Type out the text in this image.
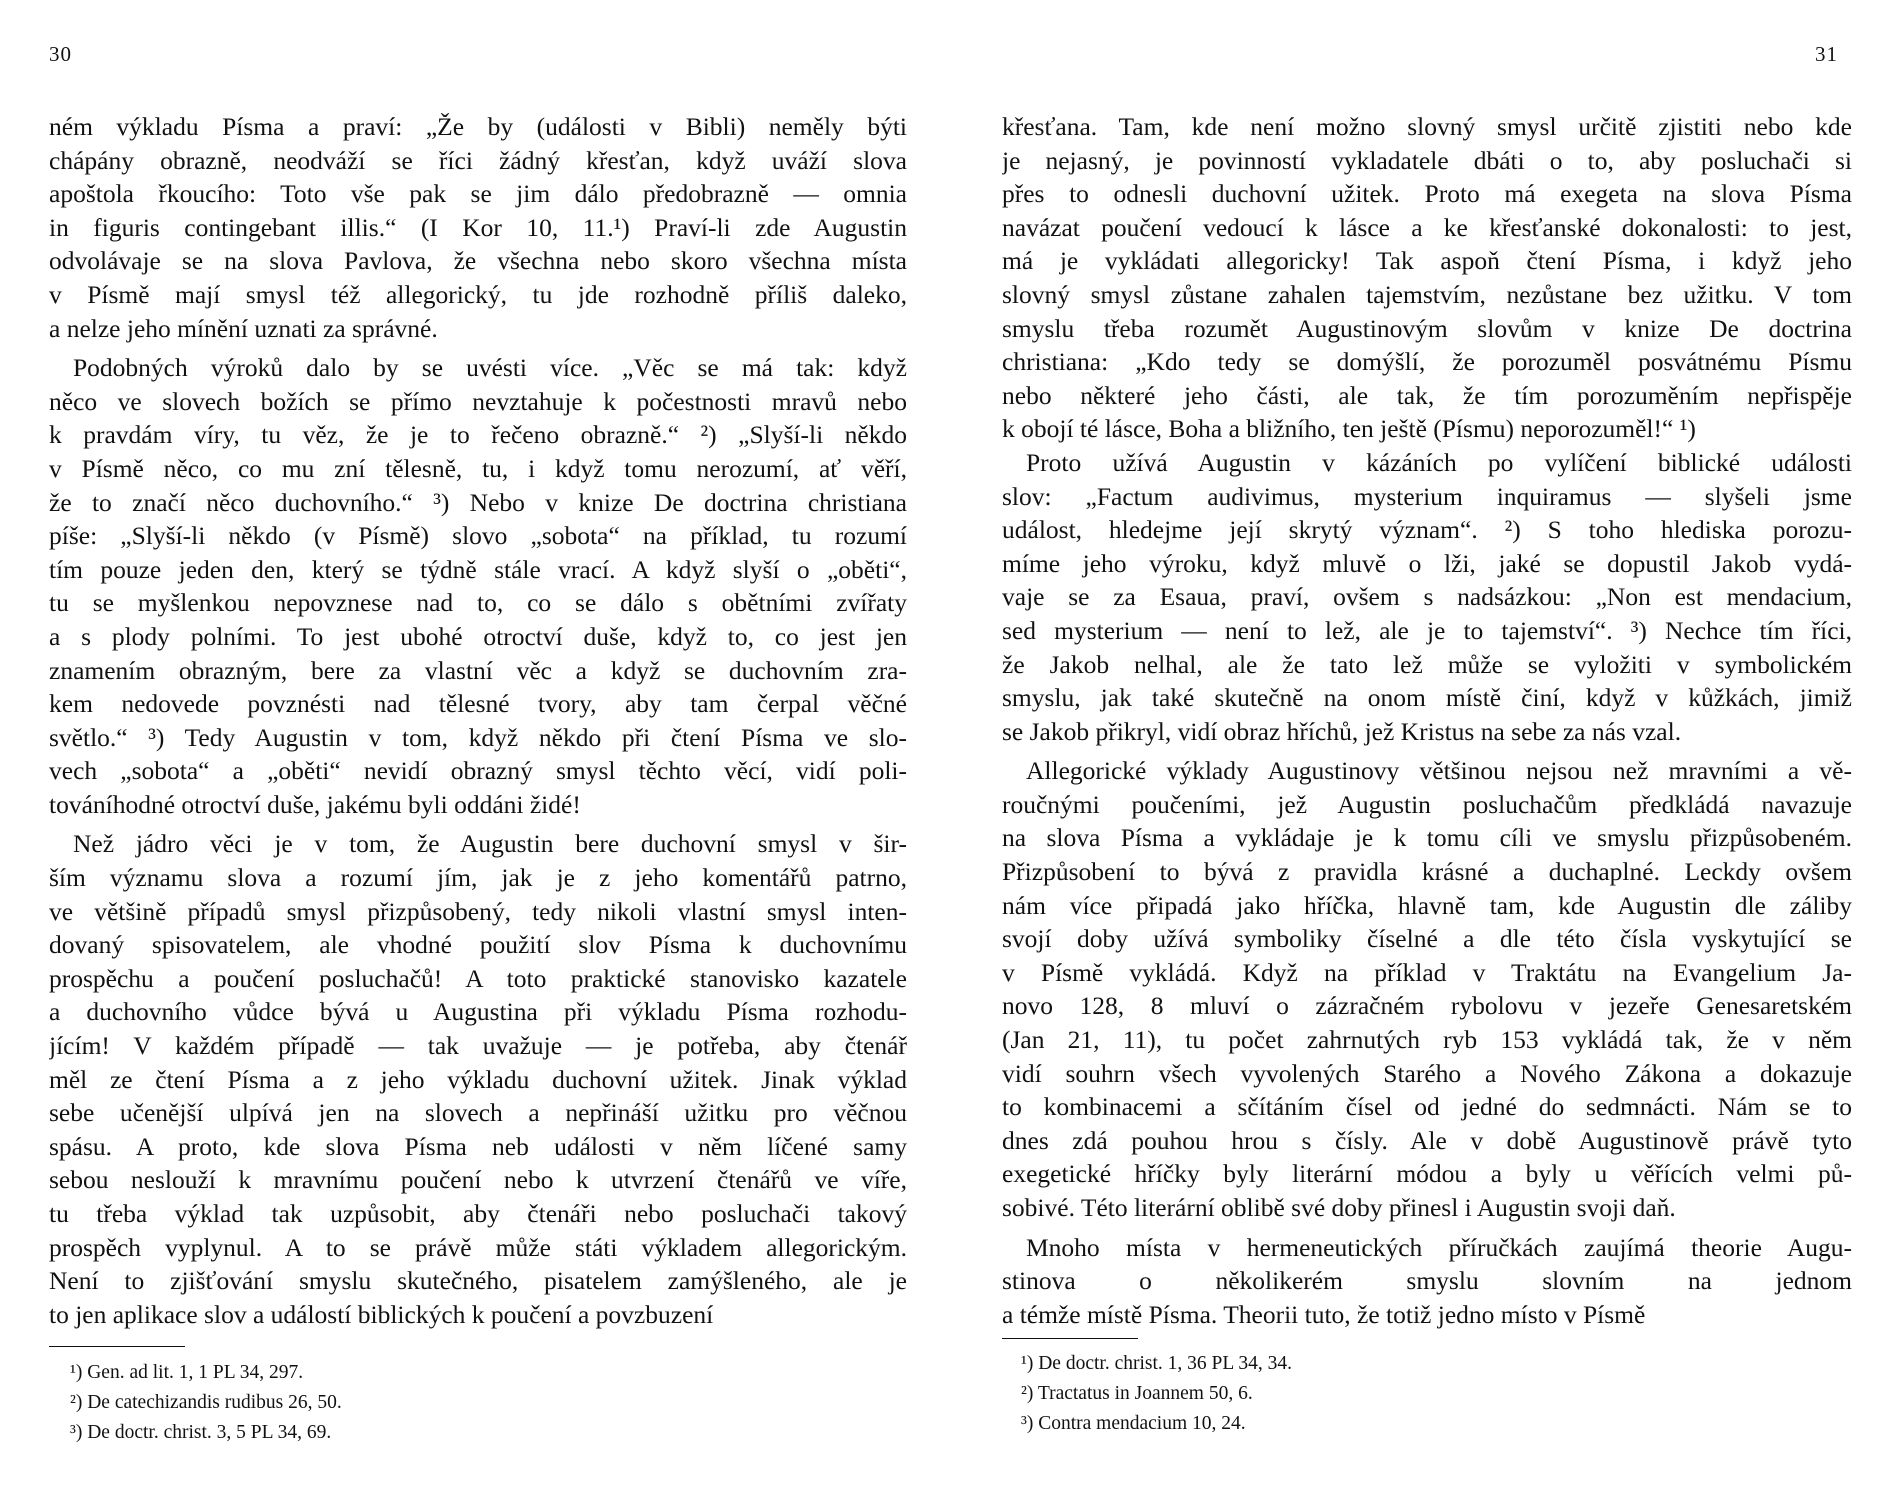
30
ném výkladu Písma a praví: „Že by (události v Bibli) neměly býti
chápány obrazně, neodváží se říci žádný křesťan, když uváží slova
apoštola řkoucího: Toto vše pak se jim dálo předobrazně — omnia
in figuris contingebant illis.“ (I Kor 10, 11.¹) Praví-li zde Augustin
odvolávaje se na slova Pavlova, že všechna nebo skoro všechna místa
v Písmě mají smysl též allegorický, tu jde rozhodně příliš daleko,
a nelze jeho mínění uznati za správné.
Podobných výroků dalo by se uvésti více. „Věc se má tak: když
něco ve slovech božích se přímo nevztahuje k počestnosti mravů nebo
k pravdám víry, tu věz, že je to řečeno obrazně.“ ²) „Slyší-li někdo
v Písmě něco, co mu zní tělesně, tu, i když tomu nerozumí, ať věří,
že to značí něco duchovního.“ ³) Nebo v knize De doctrina christiana
píše: „Slyší-li někdo (v Písmě) slovo „sobota“ na příklad, tu rozumí
tím pouze jeden den, který se týdně stále vrací. A když slyší o „oběti“,
tu se myšlenkou nepovznese nad to, co se dálo s obětními zvířaty
a s plody polními. To jest ubohé otroctví duše, když to, co jest jen
znamením obrazným, bere za vlastní věc a když se duchovním zra-
kem nedovede povznésti nad tělesné tvory, aby tam čerpal věčné
světlo.“ ³) Tedy Augustin v tom, když někdo při čtení Písma ve slo-
vech „sobota“ a „oběti“ nevidí obrazný smysl těchto věcí, vidí poli-
továníhodné otroctví duše, jakému byli oddáni židé!
Než jádro věci je v tom, že Augustin bere duchovní smysl v šir-
ším významu slova a rozumí jím, jak je z jeho komentářů patrno,
ve většině případů smysl přizpůsobený, tedy nikoli vlastní smysl inten-
dovaný spisovatelem, ale vhodné použití slov Písma k duchovnímu
prospěchu a poučení posluchačů! A toto praktické stanovisko kazatele
a duchovního vůdce bývá u Augustina při výkladu Písma rozhodu-
jícím! V každém případě — tak uvažuje — je potřeba, aby čtenář
měl ze čtení Písma a z jeho výkladu duchovní užitek. Jinak výklad
sebe učenější ulpívá jen na slovech a nepřináší užitku pro věčnou
spásu. A proto, kde slova Písma neb události v něm líčené samy
sebou neslouží k mravnímu poučení nebo k utvrzení čtenářů ve víře,
tu třeba výklad tak uzpůsobit, aby čtenáři nebo posluchači takový
prospěch vyplynul. A to se právě může státi výkladem allegorickým.
Není to zjišťování smyslu skutečného, pisatelem zamýšleného, ale je
to jen aplikace slov a událostí biblických k poučení a povzbuzení
¹) Gen. ad lit. 1, 1 PL 34, 297.
²) De catechizandis rudibus 26, 50.
³) De doctr. christ. 3, 5 PL 34, 69.
31
křesťana. Tam, kde není možno slovný smysl určitě zjistiti nebo kde
je nejasný, je povinností vykladatele dbáti o to, aby posluchači si
přes to odnesli duchovní užitek. Proto má exegeta na slova Písma
navázat poučení vedoucí k lásce a ke křesťanské dokonalosti: to jest,
má je vykládati allegoricky! Tak aspoň čtení Písma, i když jeho
slovný smysl zůstane zahalen tajemstvím, nezůstane bez užitku. V tom
smyslu třeba rozumět Augustinovým slovům v knize De doctrina
christiana: „Kdo tedy se domýšlí, že porozuměl posvátnému Písmu
nebo některé jeho části, ale tak, že tím porozuměním nepřispěje
k obojí té lásce, Boha a bližního, ten ještě (Písmu) neporozuměl!“ ¹)
Proto užívá Augustin v kázáních po vylíčení biblické události
slov: „Factum audivimus, mysterium inquiramus — slyšeli jsme
událost, hledejme její skrytý význam“. ²) S toho hlediska porozu-
míme jeho výroku, když mluvě o lži, jaké se dopustil Jakob vydá-
vaje se za Esaua, praví, ovšem s nadsázkou: „Non est mendacium,
sed mysterium — není to lež, ale je to tajemství“. ³) Nechce tím říci,
že Jakob nelhal, ale že tato lež může se vyložiti v symbolickém
smyslu, jak také skutečně na onom místě činí, když v kůžkách, jimiž
se Jakob přikryl, vidí obraz hříchů, jež Kristus na sebe za nás vzal.
Allegorické výklady Augustinovy většinou nejsou než mravními a vě-
roučnými poučeními, jež Augustin posluchačům předkládá navazuje
na slova Písma a vykládaje je k tomu cíli ve smyslu přizpůsobeném.
Přizpůsobení to bývá z pravidla krásné a duchaplné. Leckdy ovšem
nám více připadá jako hříčka, hlavně tam, kde Augustin dle záliby
svojí doby užívá symboliky číselné a dle této čísla vyskytující se
v Písmě vykládá. Když na příklad v Traktátu na Evangelium Ja-
novo 128, 8 mluví o zázračném rybolovu v jezeře Genesaretském
(Jan 21, 11), tu počet zahrnutých ryb 153 vykládá tak, že v něm
vidí souhrn všech vyvolených Starého a Nového Zákona a dokazuje
to kombinacemi a sčítáním čísel od jedné do sedmnácti. Nám se to
dnes zdá pouhou hrou s čísly. Ale v době Augustinově právě tyto
exegetické hříčky byly literární módou a byly u věřících velmi pů-
sobivé. Této literární oblibě své doby přinesl i Augustin svoji daň.
Mnoho místa v hermeneutických příručkách zaujímá theorie Augu-
stinova o několikerém smyslu slovním na jednom
a témže místě Písma. Theorii tuto, že totiž jedno místo v Písmě
¹) De doctr. christ. 1, 36 PL 34, 34.
²) Tractatus in Joannem 50, 6.
³) Contra mendacium 10, 24.
